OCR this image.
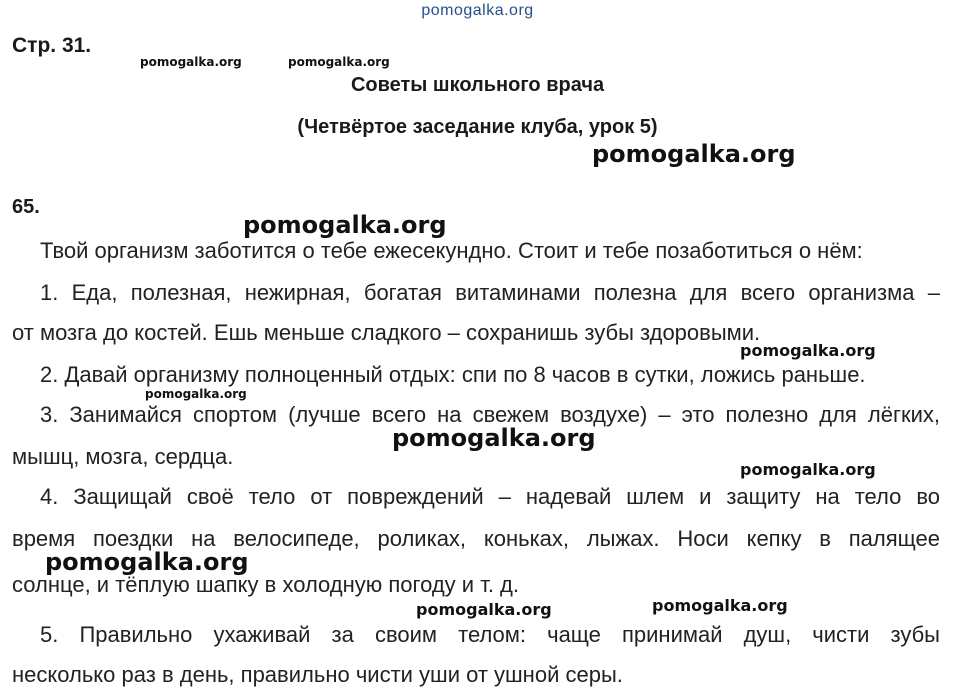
pomogalka.org
Стр. 31.
pomogalka.org	pomogalka.org
Советы школьного врача
(Четвёртое заседание клуба, урок 5)
pomogalka.org
65.
pomogalka.org
Твой организм заботится о тебе ежесекундно. Стоит и тебе позаботиться о нём:
1. Еда, полезная, нежирная, богатая витаминами полезна для всего организма –
от мозга до костей. Ешь меньше сладкого – сохранишь зубы здоровыми.
pomogalka.org
2. Давай организму полноценный отдых: спи по 8 часов в сутки, ложись раньше.
pomogalka.org
3. Занимайся спортом (лучше всего на свежем воздухе) – это полезно для лёгких,
pomogalka.org
мышц, мозга, сердца.
pomogalka.org
4. Защищай своё тело от повреждений – надевай шлем и защиту на тело во
время поездки на велосипеде, роликах, коньках, лыжах. Носи кепку в палящее
pomogalka.org
солнце, и тёплую шапку в холодную погоду и т. д.
pomogalka.org	pomogalka.org
5. Правильно ухаживай за своим телом: чаще принимай душ, чисти зубы
несколько раз в день, правильно чисти уши от ушной серы.
